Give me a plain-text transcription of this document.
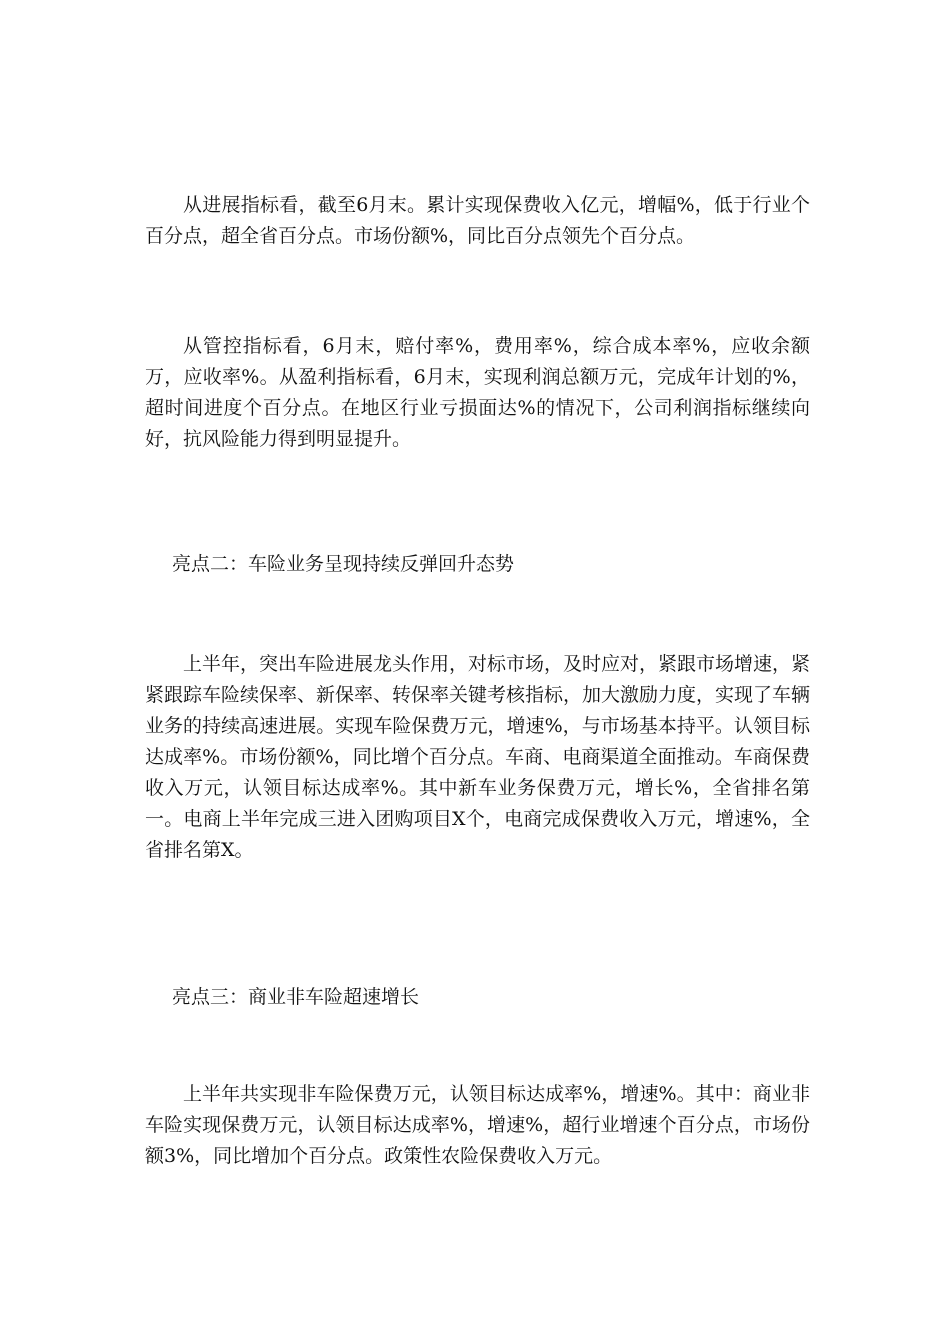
从进展指标看，截至6月末。累计实现保费收入亿元，增幅%，低于行业个百分点，超全省百分点。市场份额%，同比百分点领先个百分点。

从管控指标看，6月末，赔付率%，费用率%，综合成本率%，应收余额万，应收率%。从盈利指标看，6月末，实现利润总额万元，完成年计划的%，超时间进度个百分点。在地区行业亏损面达%的情况下，公司利润指标继续向好，抗风险能力得到明显提升。

亮点二：车险业务呈现持续反弹回升态势

上半年，突出车险进展龙头作用，对标市场，及时应对，紧跟市场增速，紧紧跟踪车险续保率、新保率、转保率关键考核指标，加大激励力度，实现了车辆业务的持续高速进展。实现车险保费万元，增速%，与市场基本持平。认领目标达成率%。市场份额%，同比增个百分点。车商、电商渠道全面推动。车商保费收入万元，认领目标达成率%。其中新车业务保费万元，增长%，全省排名第一。电商上半年完成三进入团购项目X个，电商完成保费收入万元，增速%，全省排名第X。

亮点三：商业非车险超速增长

上半年共实现非车险保费万元，认领目标达成率%，增速%。其中：商业非车险实现保费万元，认领目标达成率%，增速%，超行业增速个百分点，市场份额3%，同比增加个百分点。政策性农险保费收入万元。
